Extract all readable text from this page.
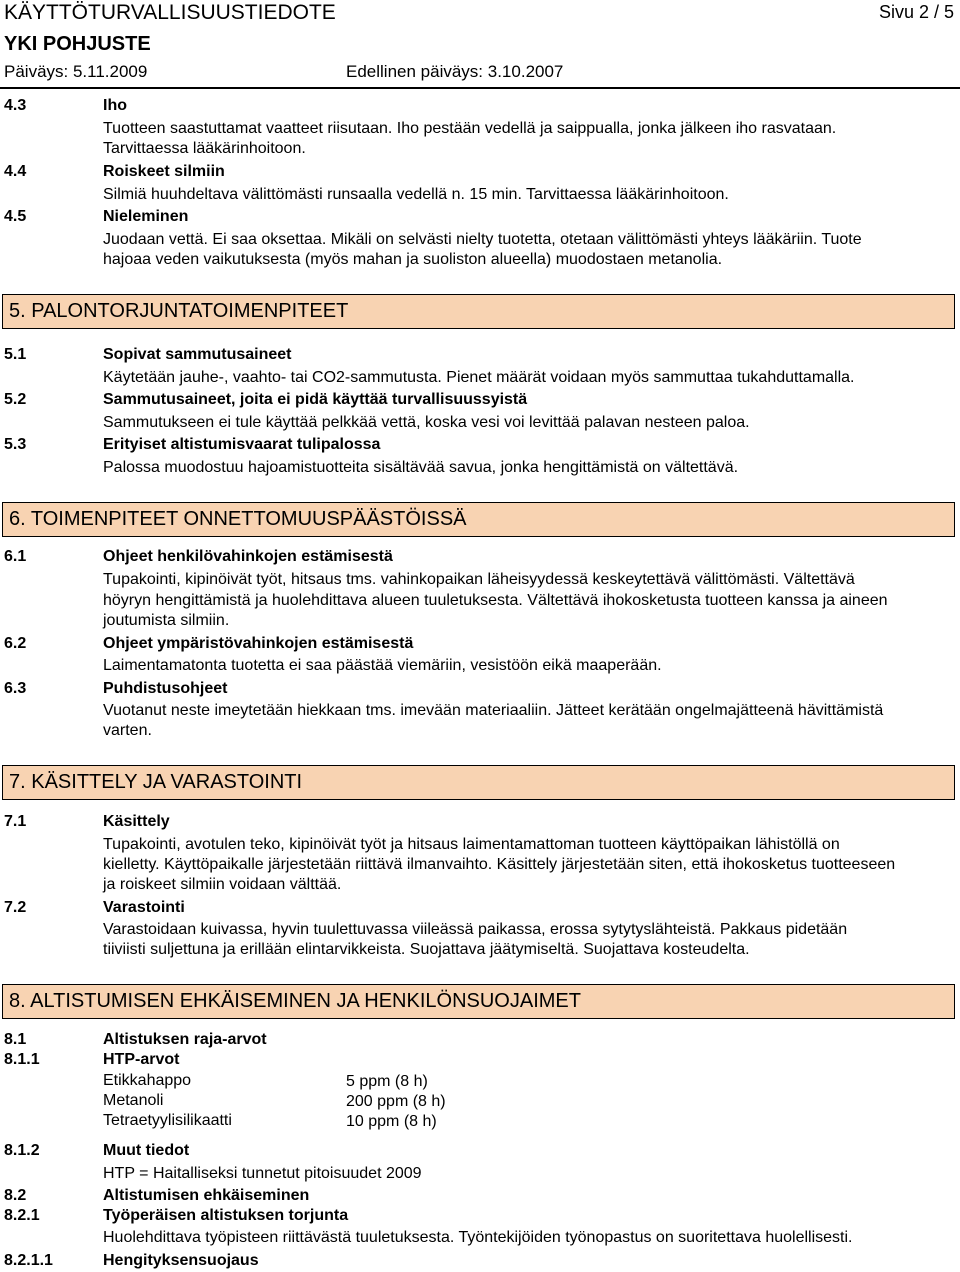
KÄYTTÖTURVALLISUUSTIEDOTE	Sivu 2 / 5
YKI POHJUSTE
Päiväys: 5.11.2009	Edellinen päiväys: 3.10.2007
4.3	Iho
Tuotteen saastuttamat vaatteet riisutaan. Iho pestään vedellä ja saippualla, jonka jälkeen iho rasvataan.
Tarvittaessa lääkärinhoitoon.
4.4	Roiskeet silmiin
Silmiä huuhdeltava välittömästi runsaalla vedellä n. 15 min. Tarvittaessa lääkärinhoitoon.
4.5	Nieleminen
Juodaan vettä. Ei saa oksettaa. Mikäli on selvästi nielty tuotetta, otetaan välittömästi yhteys lääkäriin. Tuote
hajoaa veden vaikutuksesta (myös mahan ja suoliston alueella) muodostaen metanolia.
5. PALONTORJUNTATOIMENPITEET
5.1	Sopivat sammutusaineet
Käytetään jauhe-, vaahto- tai CO2-sammutusta. Pienet määrät voidaan myös sammuttaa tukahduttamalla.
5.2	Sammutusaineet, joita ei pidä käyttää turvallisuussyistä
Sammutukseen ei tule käyttää pelkkää vettä, koska vesi voi levittää palavan nesteen paloa.
5.3	Erityiset altistumisvaarat tulipalossa
Palossa muodostuu hajoamistuotteita sisältävää savua, jonka hengittämistä on vältettävä.
6. TOIMENPITEET ONNETTOMUUSPÄÄSTÖISSÄ
6.1	Ohjeet henkilövahinkojen estämisestä
Tupakointi, kipinöivät työt, hitsaus tms. vahinkopaikan läheisyydessä keskeytettävä välittömästi. Vältettävä
höyryn hengittämistä ja huolehdittava alueen tuuletuksesta. Vältettävä ihokosketusta tuotteen kanssa ja aineen
joutumista silmiin.
6.2	Ohjeet ympäristövahinkojen estämisestä
Laimentamatonta tuotetta ei saa päästää viemäriin, vesistöön eikä maaperään.
6.3	Puhdistusohjeet
Vuotanut neste imeytetään hiekkaan tms. imevään materiaaliin. Jätteet kerätään ongelmajätteenä hävittämistä
varten.
7. KÄSITTELY JA VARASTOINTI
7.1	Käsittely
Tupakointi, avotulen teko, kipinöivät työt ja hitsaus laimentamattoman tuotteen käyttöpaikan lähistöllä on
kielletty. Käyttöpaikalle järjestetään riittävä ilmanvaihto. Käsittely järjestetään siten, että ihokosketus tuotteeseen
ja roiskeet silmiin voidaan välttää.
7.2	Varastointi
Varastoidaan kuivassa, hyvin tuulettuvassa viileässä paikassa, erossa sytytyslähteistä. Pakkaus pidetään
tiiviisti suljettuna ja erillään elintarvikkeista. Suojattava jäätymiseltä. Suojattava kosteudelta.
8. ALTISTUMISEN EHKÄISEMINEN JA HENKILÖNSUOJAIMET
8.1	Altistuksen raja-arvot
8.1.1	HTP-arvot
Etikkahappo	5 ppm (8 h)
Metanoli	200 ppm (8 h)
Tetraetyylisilikaatti	10 ppm (8 h)
8.1.2	Muut tiedot
HTP = Haitalliseksi tunnetut pitoisuudet 2009
8.2	Altistumisen ehkäiseminen
8.2.1	Työperäisen altistuksen torjunta
Huolehdittava työpisteen riittävästä tuuletuksesta. Työntekijöiden työnopastus on suoritettava huolellisesti.
8.2.1.1	Hengityksensuojaus
